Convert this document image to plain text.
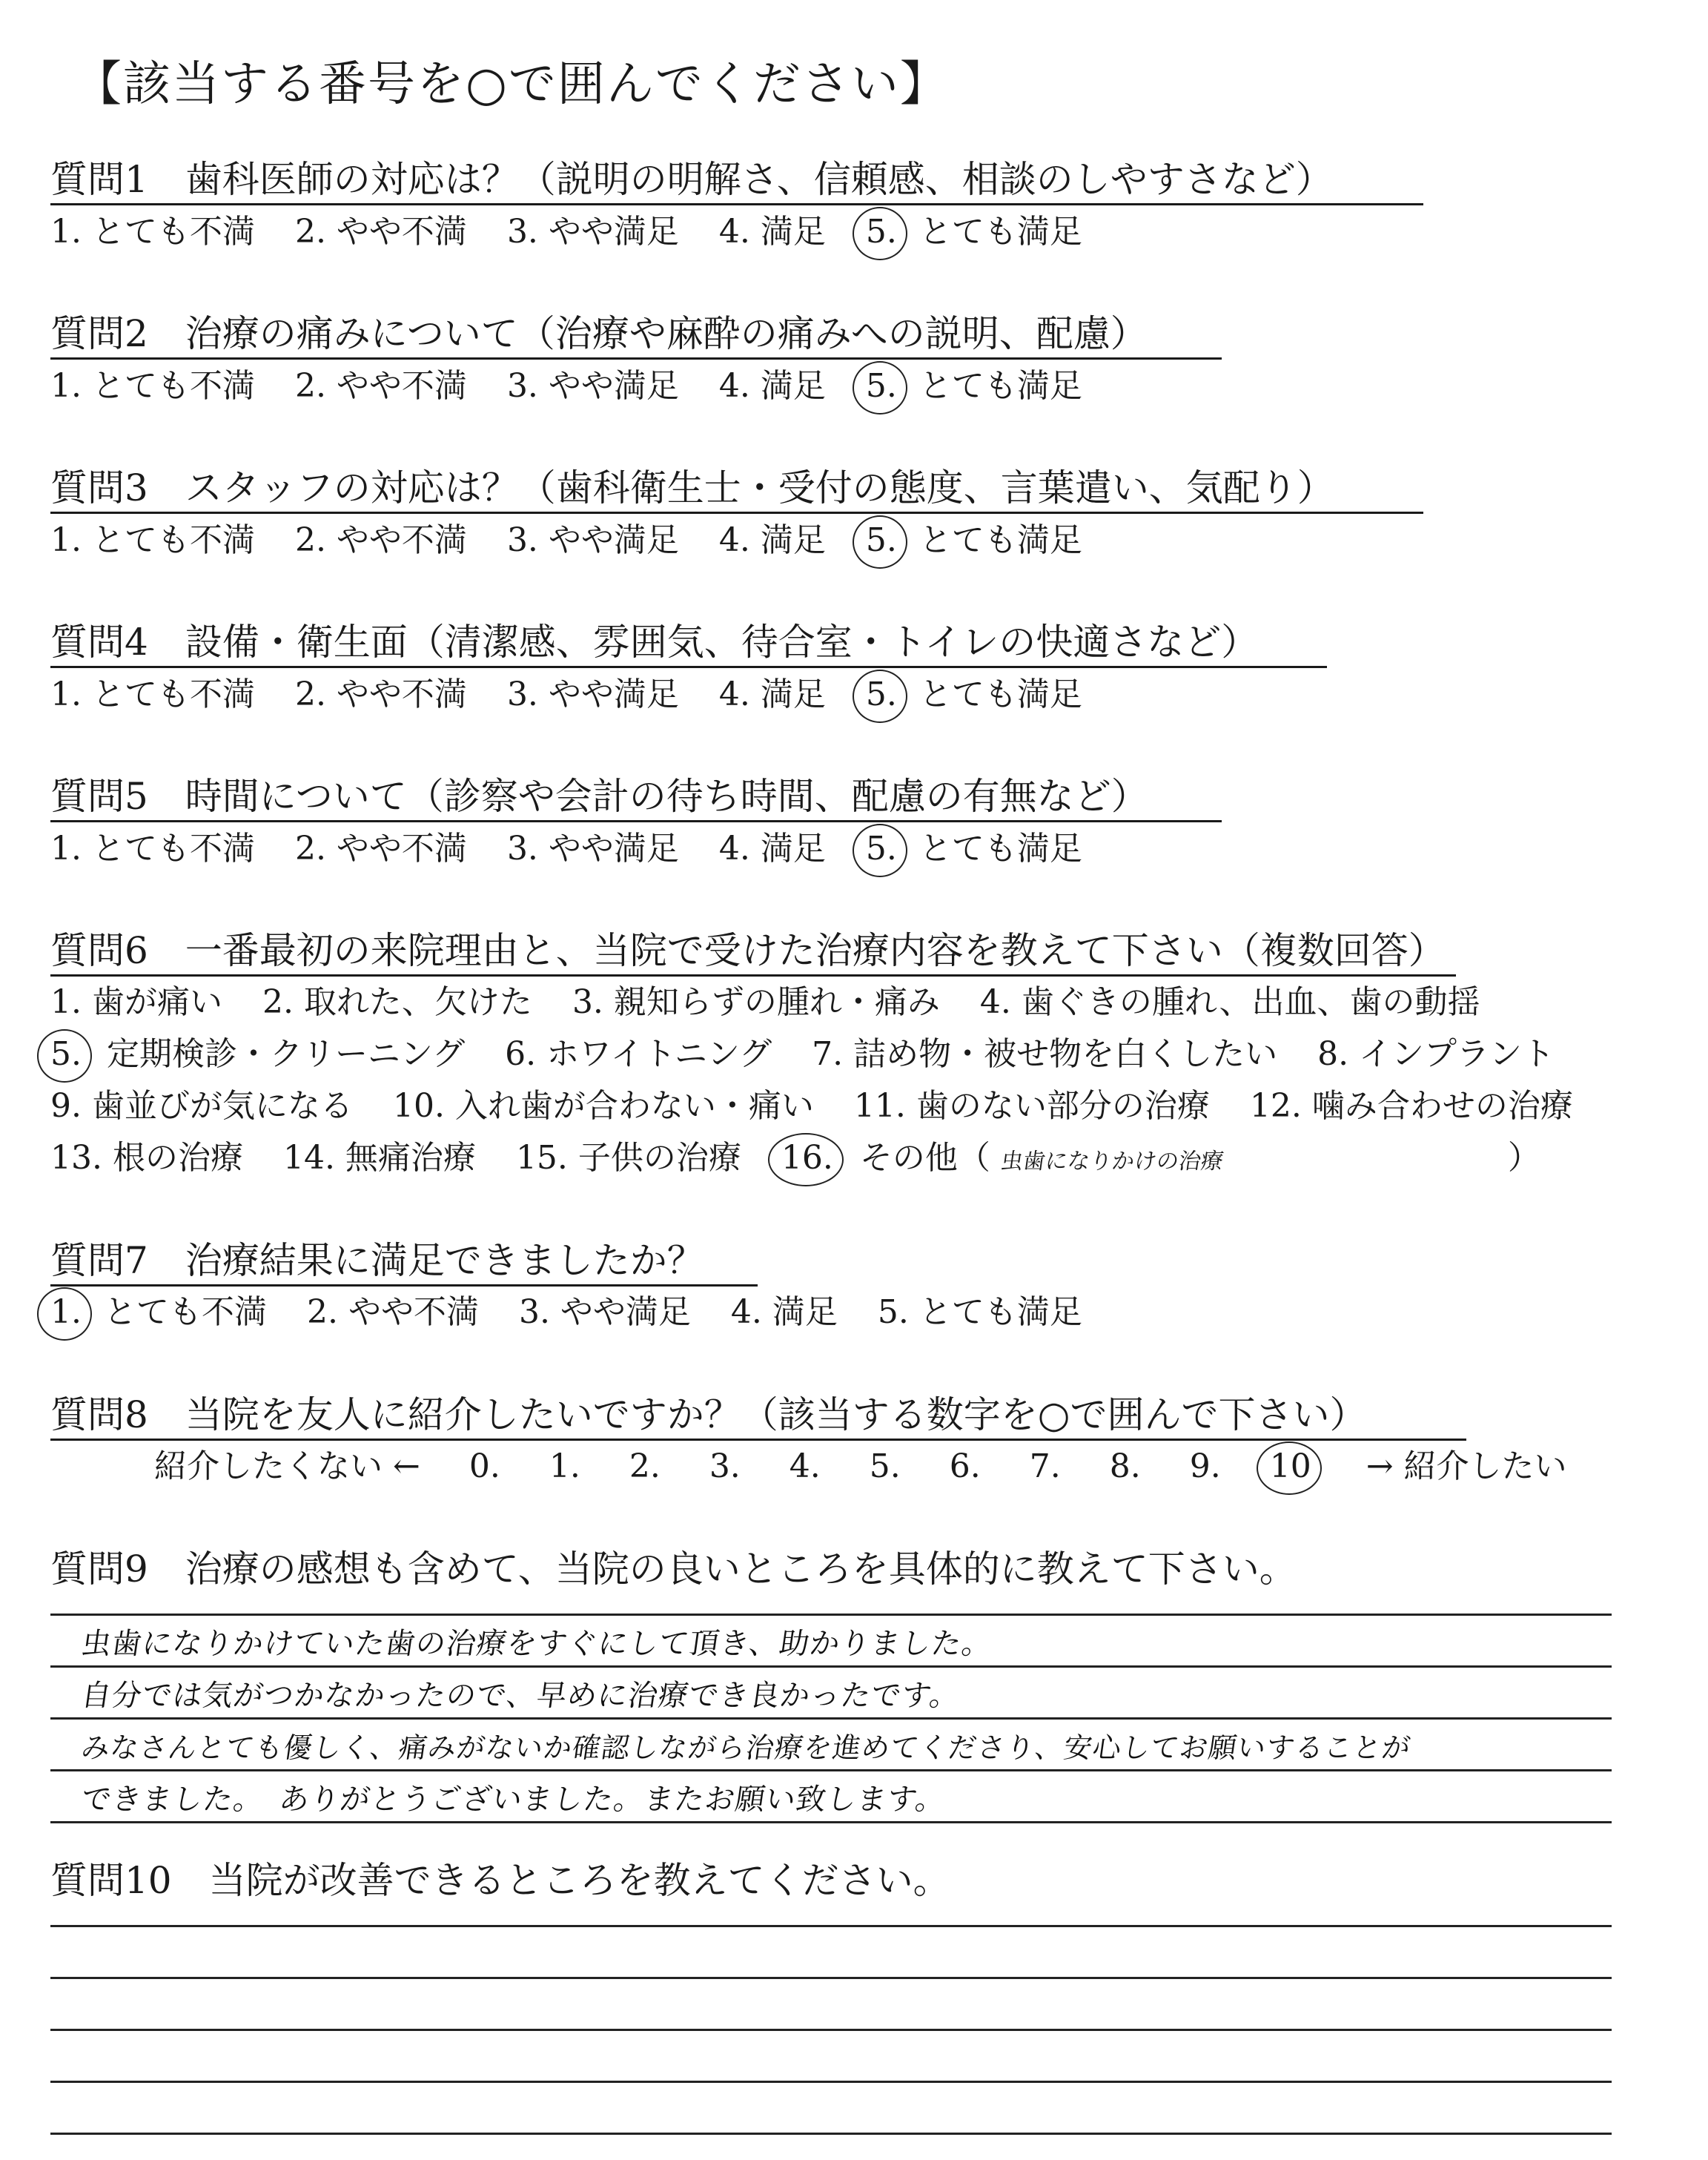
【該当する番号を○で囲んでください】
質問1　歯科医師の対応は？（説明の明解さ、信頼感、相談のしやすさなど）
1. とても不満 2. やや不満 3. やや満足 4. 満足 5. とても満足
質問2　治療の痛みについて（治療や麻酔の痛みへの説明、配慮）
1. とても不満 2. やや不満 3. やや満足 4. 満足 5. とても満足
質問3　スタッフの対応は？（歯科衛生士・受付の態度、言葉遣い、気配り）
1. とても不満 2. やや不満 3. やや満足 4. 満足 5. とても満足
質問4　設備・衛生面（清潔感、雰囲気、待合室・トイレの快適さなど）
1. とても不満 2. やや不満 3. やや満足 4. 満足 5. とても満足
質問5　時間について（診察や会計の待ち時間、配慮の有無など）
1. とても不満 2. やや不満 3. やや満足 4. 満足 5. とても満足
質問6　一番最初の来院理由と、当院で受けた治療内容を教えて下さい（複数回答）
1. 歯が痛い 2. 取れた、欠けた 3. 親知らずの腫れ・痛み 4. 歯ぐきの腫れ、出血、歯の動揺
5. 定期検診・クリーニング 6. ホワイトニング 7. 詰め物・被せ物を白くしたい 8. インプラント
9. 歯並びが気になる 10. 入れ歯が合わない・痛い 11. 歯のない部分の治療 12. 噛み合わせの治療
13. 根の治療 14. 無痛治療 15. 子供の治療 16. その他（ 虫歯になりかけの治療	）
質問7　治療結果に満足できましたか？
1. とても不満 2. やや不満 3. やや満足 4. 満足 5. とても満足
質問8　当院を友人に紹介したいですか？（該当する数字を○で囲んで下さい）
紹介したくない ← 0. 1. 2. 3. 4. 5. 6. 7. 8. 9. 10 → 紹介したい
質問9　治療の感想も含めて、当院の良いところを具体的に教えて下さい。
虫歯になりかけていた歯の治療をすぐにして頂き、助かりました。
自分では気がつかなかったので、早めに治療でき良かったです。
みなさんとても優しく、痛みがないか確認しながら治療を進めてくださり、安心してお願いすることが
できました。　ありがとうございました。またお願い致します。
質問10　当院が改善できるところを教えてください。
